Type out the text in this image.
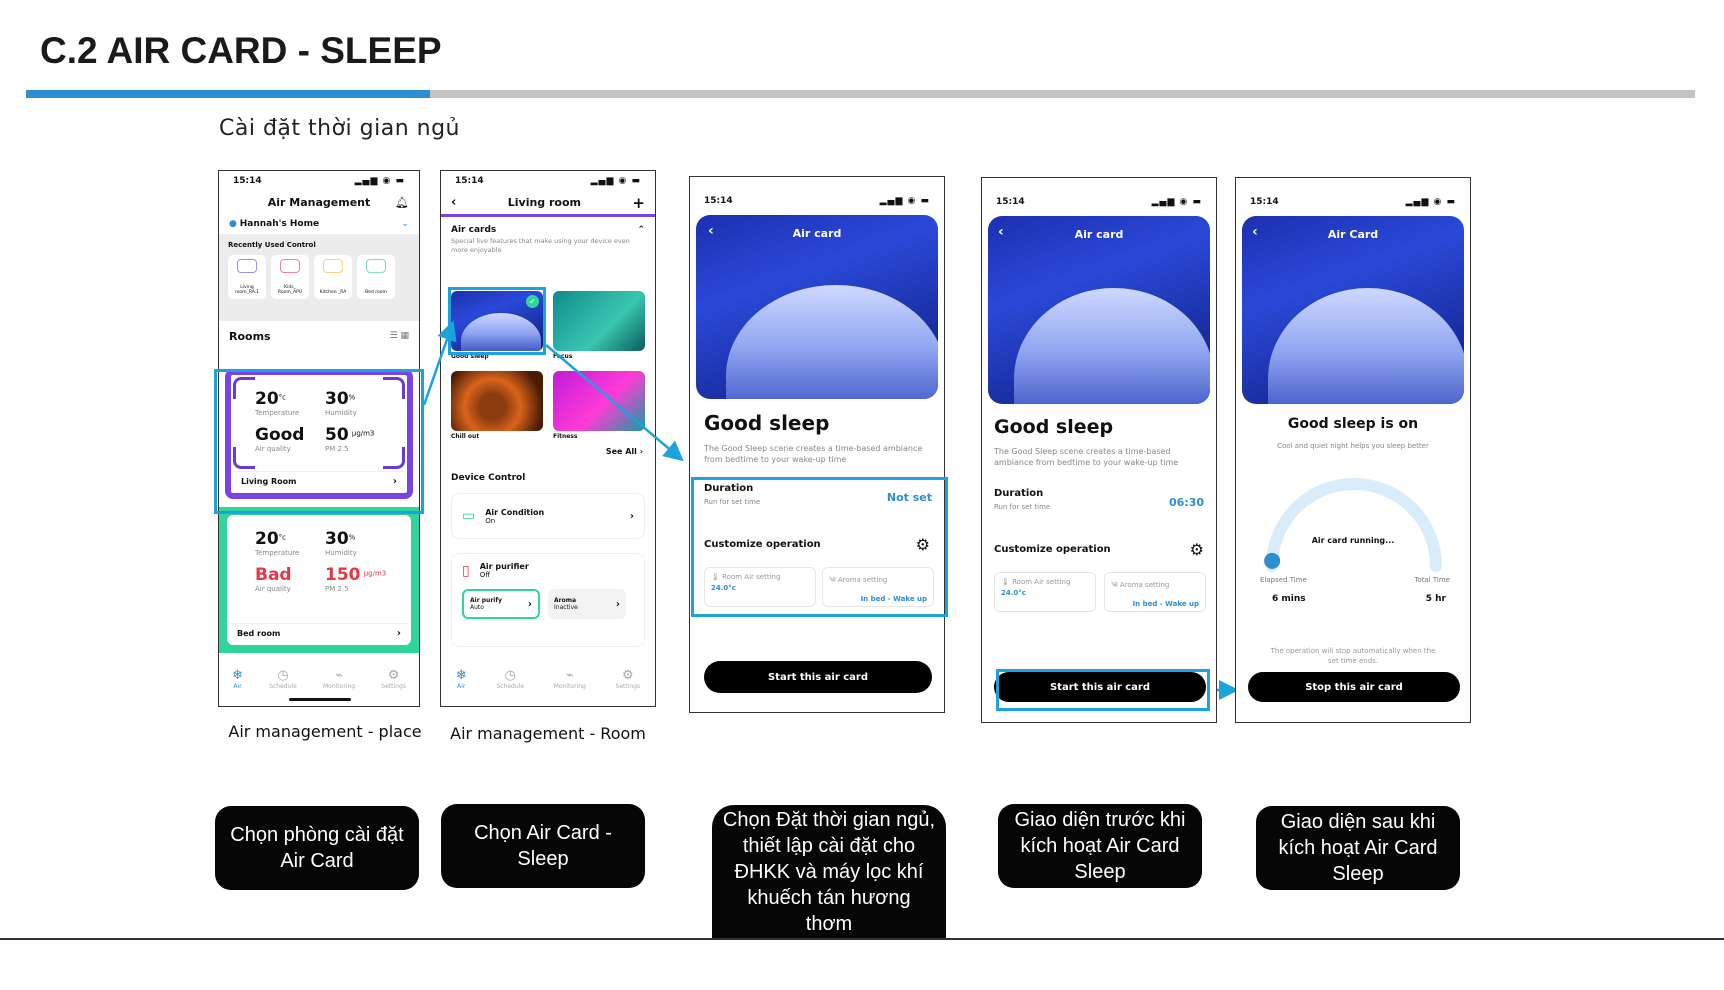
C.2 AIR CARD - SLEEP
Cài đặt thời gian ngủ
15:14	▂▄▆ ◉ ▬
Air Management 🔔︎
●
Hannah's Home	⌄
Recently Used Control
Living room_RA.1
Kids_ Room_APU	Kitchen _RA	Bed room
Rooms	☰ ▦
$20^{^\circ c}$
Temperature
30%
Humidity
Good
Air quality
50 $^{\mu g/m3}$
PM 2.5
Living Room	›
$20^{^\circ c}$
Temperature
30%
Humidity
Bad
Air quality
150 $^{\mu g/m3}$
PM 2.5
Bed room	›
❄
Air
◷
Schedule
⌁
Monitoring
⚙
Settings
15:14	▂▄▆ ◉ ▬
‹	Living room	+
Air cards	⌃
Special live features that make using your device even more enjoyable
✓
Good sleep	Focus
Chill out	Fitness
See All ›
Device Control
▭ Air Condition
On	›
▯ Air purifier
Off
Air purify
Auto	›	Aroma
Inactive	›
❄
Air
◷
Schedule
⌁
Monitoring
⚙
Settings
15:14	▂▄▆ ◉ ▬
‹	Air card
Good sleep
The Good Sleep scene creates a time-based ambiance from bedtime to your wake-up time
Duration
Run for set time	Not set
Customize operation	⚙
🌡︎ Room Air setting
24.0°c
༄ Aroma setting
In bed - Wake up
Start this air card
15:14	▂▄▆ ◉ ▬
‹	Air card
Good sleep
The Good Sleep scene creates a time-based ambiance from bedtime to your wake-up time
Duration
Run for set time	06:30
Customize operation	⚙
🌡︎ Room Air setting
24.0°c
༄ Aroma setting
In bed - Wake up
Start this air card
15:14	▂▄▆ ◉ ▬
‹	Air Card
Good sleep is on
Cool and quiet night helps you sleep better
Air card running...
Elapsed Time
6 mins
Total Time
5 hr
The operation will stop automatically when the set time ends.
Stop this air card
Air management - place	Air management - Room
Chọn phòng cài đặt Air Card
Chọn Air Card - Sleep
Chọn Đặt thời gian ngủ, thiết lập cài đặt cho ĐHKK và máy lọc khí khuếch tán hương thơm
Giao diện trước khi kích hoạt Air Card Sleep
Giao diện sau khi kích hoạt Air Card Sleep
